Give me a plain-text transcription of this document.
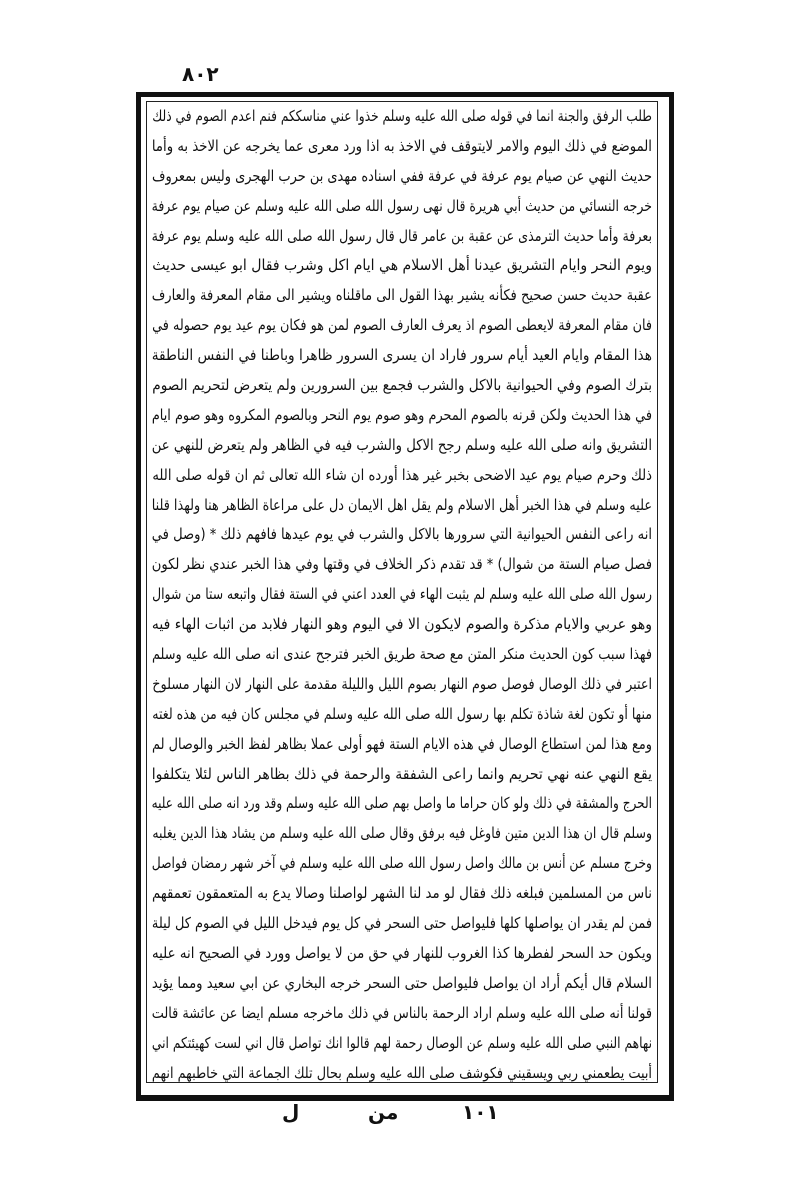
٨٠٢
طلب الرفق والجنة انما في قوله صلى الله عليه وسلم خذوا عني مناسككم فنم اعدم الصوم في ذلك
الموضع في ذلك اليوم والامر لايتوقف في الاخذ به اذا ورد معرى عما يخرجه عن الاخذ به وأما
حديث النهي عن صيام يوم عرفة في عرفة ففي اسناده مهدى بن حرب الهجرى وليس بمعروف
خرجه النسائي من حديث أبي هريرة قال نهى رسول الله صلى الله عليه وسلم عن صيام يوم عرفة
بعرفة وأما حديث الترمذى عن عقبة بن عامر قال قال رسول الله صلى الله عليه وسلم يوم عرفة
ويوم النحر وايام التشريق عيدنا أهل الاسلام هي ايام اكل وشرب فقال ابو عيسى حديث
عقبة حديث حسن صحيح فكأنه يشير بهذا القول الى ماقلناه ويشير الى مقام المعرفة والعارف
فان مقام المعرفة لايعطى الصوم اذ يعرف العارف الصوم لمن هو فكان يوم عيد يوم حصوله في
هذا المقام وايام العيد أيام سرور فاراد ان يسرى السرور ظاهرا وباطنا في النفس الناطقة
بترك الصوم وفي الحيوانية بالاكل والشرب فجمع بين السرورين ولم يتعرض لتحريم الصوم
في هذا الحديث ولكن قرنه بالصوم المحرم وهو صوم يوم النحر وبالصوم المكروه وهو صوم ايام
التشريق وانه صلى الله عليه وسلم رجح الاكل والشرب فيه في الظاهر ولم يتعرض للنهي عن
ذلك وحرم صيام يوم عيد الاضحى بخبر غير هذا أورده ان شاء الله تعالى ثم ان قوله صلى الله
عليه وسلم في هذا الخبر أهل الاسلام ولم يقل اهل الايمان دل على مراعاة الظاهر هنا ولهذا قلنا
انه راعى النفس الحيوانية التي سرورها بالاكل والشرب في يوم عيدها فافهم ذلك * (وصل في
فصل صيام الستة من شوال) * قد تقدم ذكر الخلاف في وقتها وفي هذا الخبر عندي نظر لكون
رسول الله صلى الله عليه وسلم لم يثبت الهاء في العدد اعني في الستة فقال واتبعه ستا من شوال
وهو عربي والايام مذكرة والصوم لايكون الا في اليوم وهو النهار فلابد من اثبات الهاء فيه
فهذا سبب كون الحديث منكر المتن مع صحة طريق الخبر فترجح عندى انه صلى الله عليه وسلم
اعتبر في ذلك الوصال فوصل صوم النهار بصوم الليل والليلة مقدمة على النهار لان النهار مسلوخ
منها أو تكون لغة شاذة تكلم بها رسول الله صلى الله عليه وسلم في مجلس كان فيه من هذه لغته
ومع هذا لمن استطاع الوصال في هذه الايام الستة فهو أولى عملا بظاهر لفظ الخبر والوصال لم
يقع النهي عنه نهي تحريم وانما راعى الشفقة والرحمة في ذلك بظاهر الناس لئلا يتكلفوا
الحرج والمشقة في ذلك ولو كان حراما ما واصل بهم صلى الله عليه وسلم وقد ورد انه صلى الله عليه
وسلم قال ان هذا الدين متين فاوغل فيه برفق وقال صلى الله عليه وسلم من يشاد هذا الدين يغلبه
وخرج مسلم عن أنس بن مالك واصل رسول الله صلى الله عليه وسلم في آخر شهر رمضان فواصل
ناس من المسلمين فبلغه ذلك فقال لو مد لنا الشهر لواصلنا وصالا يدع به المتعمقون تعمقهم
فمن لم يقدر ان يواصلها كلها فليواصل حتى السحر في كل يوم فيدخل الليل في الصوم كل ليلة
ويكون حد السحر لفطرها كذا الغروب للنهار في حق من لا يواصل وورد في الصحيح انه عليه
السلام قال أيكم أراد ان يواصل فليواصل حتى السحر خرجه البخاري عن ابي سعيد ومما يؤيد
قولنا أنه صلى الله عليه وسلم اراد الرحمة بالناس في ذلك ماخرجه مسلم ايضا عن عائشة قالت
نهاهم النبي صلى الله عليه وسلم عن الوصال رحمة لهم قالوا انك تواصل قال اني لست كهيئتكم اني
أبيت يطعمني ربي ويسقيني فكوشف صلى الله عليه وسلم بحال تلك الجماعة التي خاطبهم انهم
ل	من	١٠١
